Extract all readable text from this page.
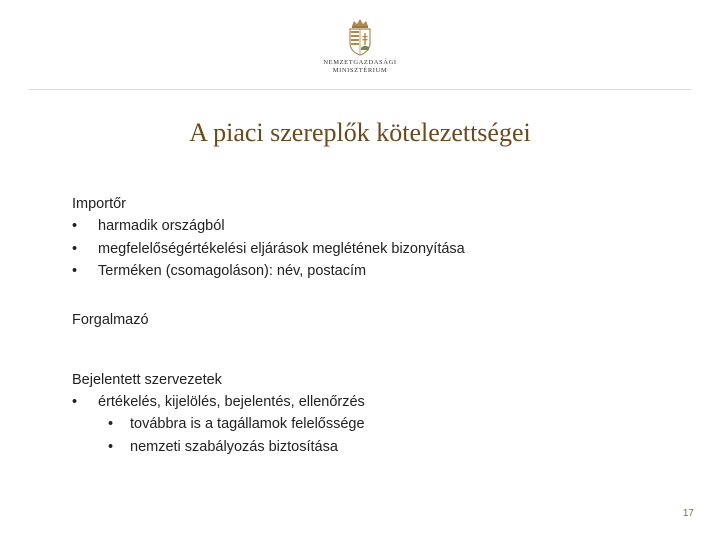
NEMZETGAZDASÁGI
MINISZTÉRIUM
A piaci szereplők kötelezettségei

Importőr

• harmadik országból
• megfelelőségértékelési eljárások meglétének bizonyítása
• Terméken (csomagoláson): név, postacím

Forgalmazó

Bejelentett szervezetek

• értékelés, kijelölés, bejelentés, ellenőrzés
• továbbra is a tagállamok felelőssége
• nemzeti szabályozás biztosítása
17
